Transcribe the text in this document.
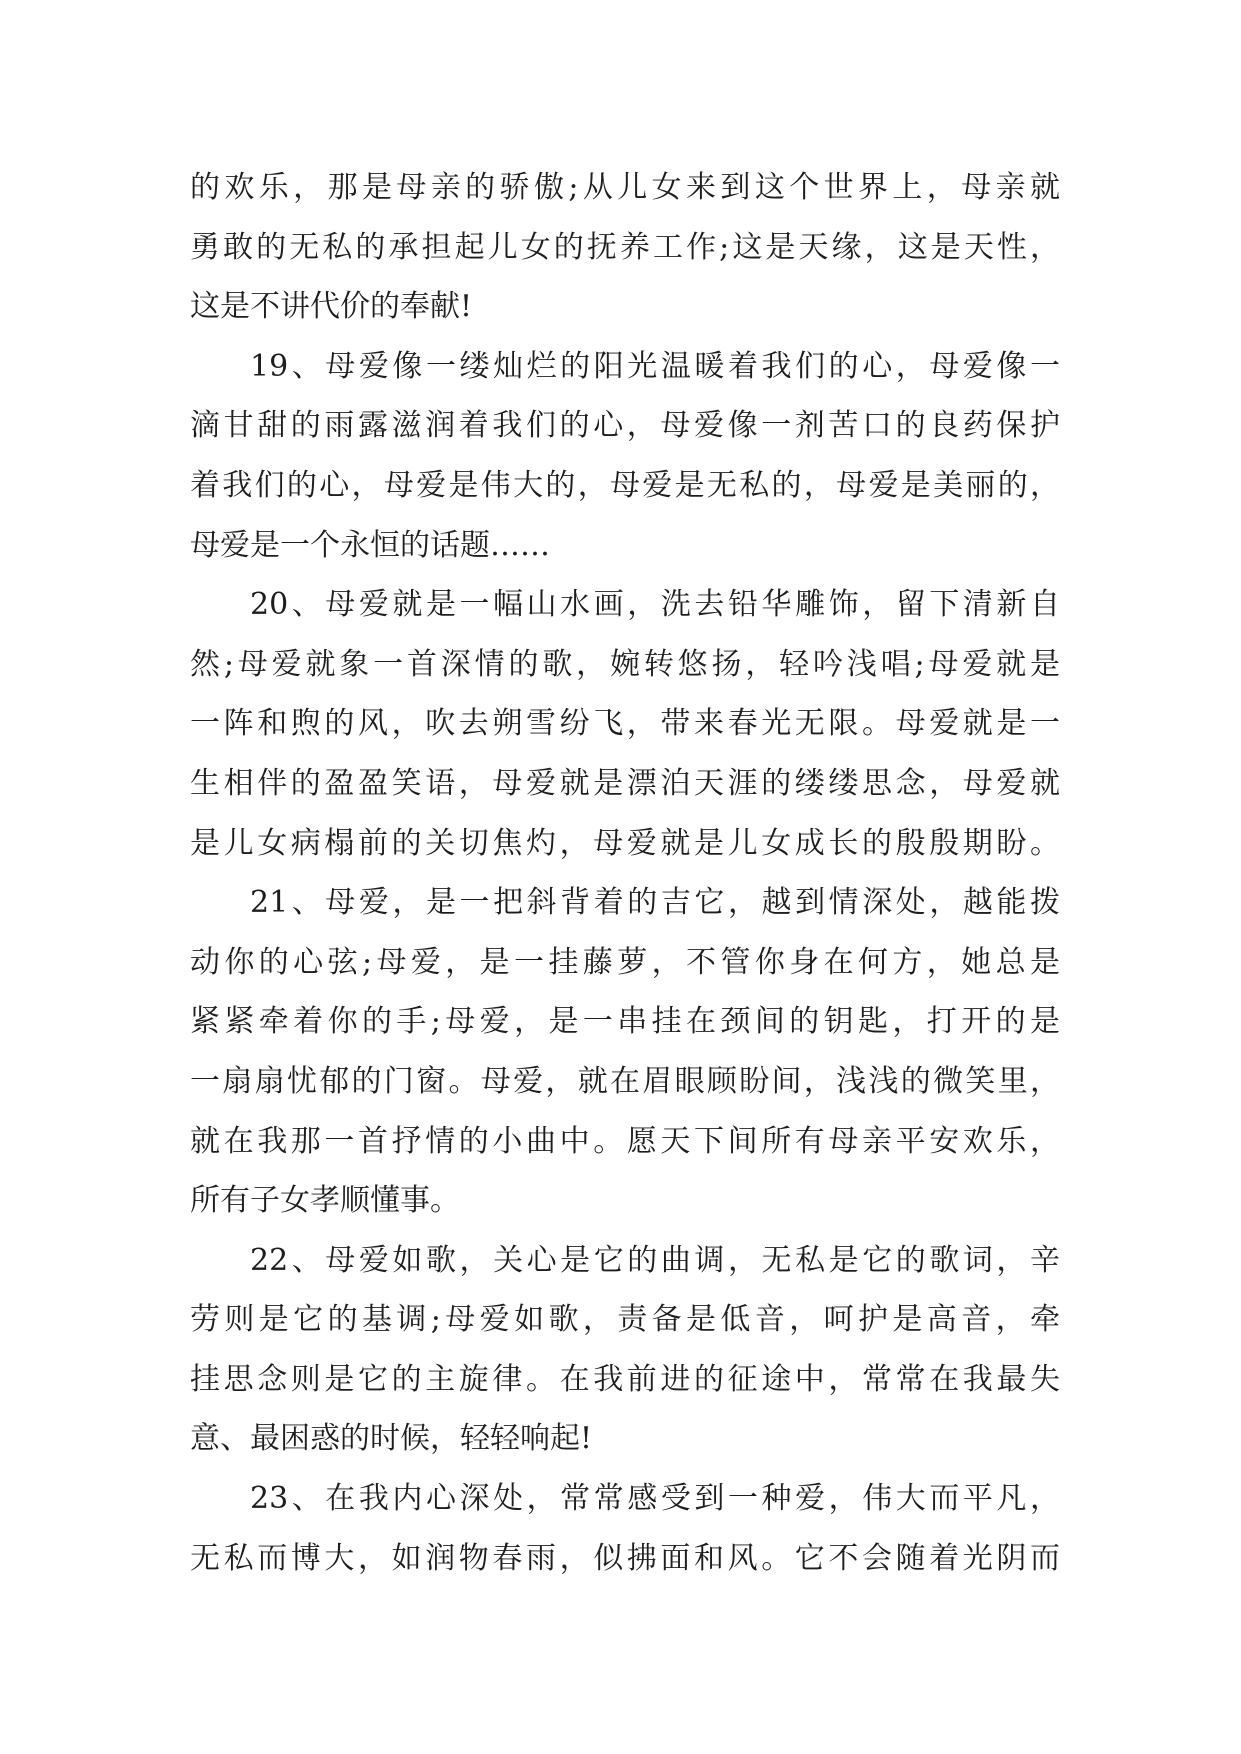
的欢乐，那是母亲的骄傲;从儿女来到这个世界上，母亲就
勇敢的无私的承担起儿女的抚养工作;这是天缘，这是天性，
这是不讲代价的奉献!
19、母爱像一缕灿烂的阳光温暖着我们的心，母爱像一
滴甘甜的雨露滋润着我们的心，母爱像一剂苦口的良药保护
着我们的心，母爱是伟大的，母爱是无私的，母爱是美丽的，
母爱是一个永恒的话题……
20、母爱就是一幅山水画，洗去铅华雕饰，留下清新自
然;母爱就象一首深情的歌，婉转悠扬，轻吟浅唱;母爱就是
一阵和煦的风，吹去朔雪纷飞，带来春光无限。母爱就是一
生相伴的盈盈笑语，母爱就是漂泊天涯的缕缕思念，母爱就
是儿女病榻前的关切焦灼，母爱就是儿女成长的殷殷期盼。
21、母爱，是一把斜背着的吉它，越到情深处，越能拨
动你的心弦;母爱，是一挂藤萝，不管你身在何方，她总是
紧紧牵着你的手;母爱，是一串挂在颈间的钥匙，打开的是
一扇扇忧郁的门窗。母爱，就在眉眼顾盼间，浅浅的微笑里，
就在我那一首抒情的小曲中。愿天下间所有母亲平安欢乐，
所有子女孝顺懂事。
22、母爱如歌，关心是它的曲调，无私是它的歌词，辛
劳则是它的基调;母爱如歌，责备是低音，呵护是高音，牵
挂思念则是它的主旋律。在我前进的征途中，常常在我最失
意、最困惑的时候，轻轻响起!
23、在我内心深处，常常感受到一种爱，伟大而平凡，
无私而博大，如润物春雨，似拂面和风。它不会随着光阴而
